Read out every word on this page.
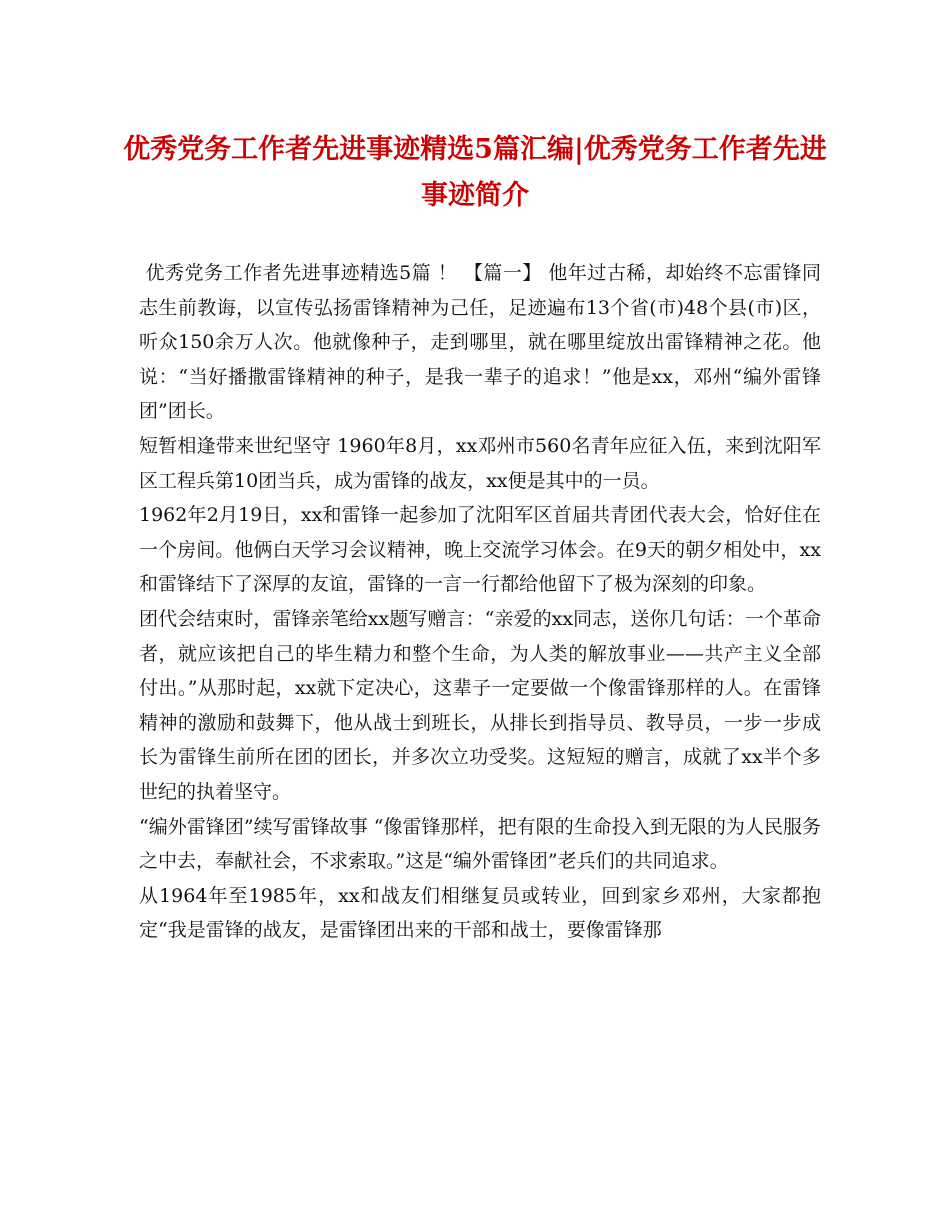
优秀党务工作者先进事迹精选5篇汇编|优秀党务工作者先进事迹简介

优秀党务工作者先进事迹精选5篇 ！ 【篇一】 他年过古稀，却始终不忘雷锋同志生前教诲，以宣传弘扬雷锋精神为己任，足迹遍布13个省(市)48个县(市)区，听众150余万人次。他就像种子，走到哪里，就在哪里绽放出雷锋精神之花。他说：“当好播撒雷锋精神的种子，是我一辈子的追求！”他是xx，邓州“编外雷锋团”团长。

短暂相逢带来世纪坚守 1960年8月，xx邓州市560名青年应征入伍，来到沈阳军区工程兵第10团当兵，成为雷锋的战友，xx便是其中的一员。

1962年2月19日，xx和雷锋一起参加了沈阳军区首届共青团代表大会，恰好住在一个房间。他俩白天学习会议精神，晚上交流学习体会。在9天的朝夕相处中，xx和雷锋结下了深厚的友谊，雷锋的一言一行都给他留下了极为深刻的印象。

团代会结束时，雷锋亲笔给xx题写赠言：“亲爱的xx同志，送你几句话：一个革命者，就应该把自己的毕生精力和整个生命，为人类的解放事业——共产主义全部付出。”从那时起，xx就下定决心，这辈子一定要做一个像雷锋那样的人。在雷锋精神的激励和鼓舞下，他从战士到班长，从排长到指导员、教导员，一步一步成长为雷锋生前所在团的团长，并多次立功受奖。这短短的赠言，成就了xx半个多世纪的执着坚守。

“编外雷锋团”续写雷锋故事 “像雷锋那样，把有限的生命投入到无限的为人民服务之中去，奉献社会，不求索取。”这是“编外雷锋团”老兵们的共同追求。

从1964年至1985年，xx和战友们相继复员或转业，回到家乡邓州，大家都抱定“我是雷锋的战友，是雷锋团出来的干部和战士，要像雷锋那
